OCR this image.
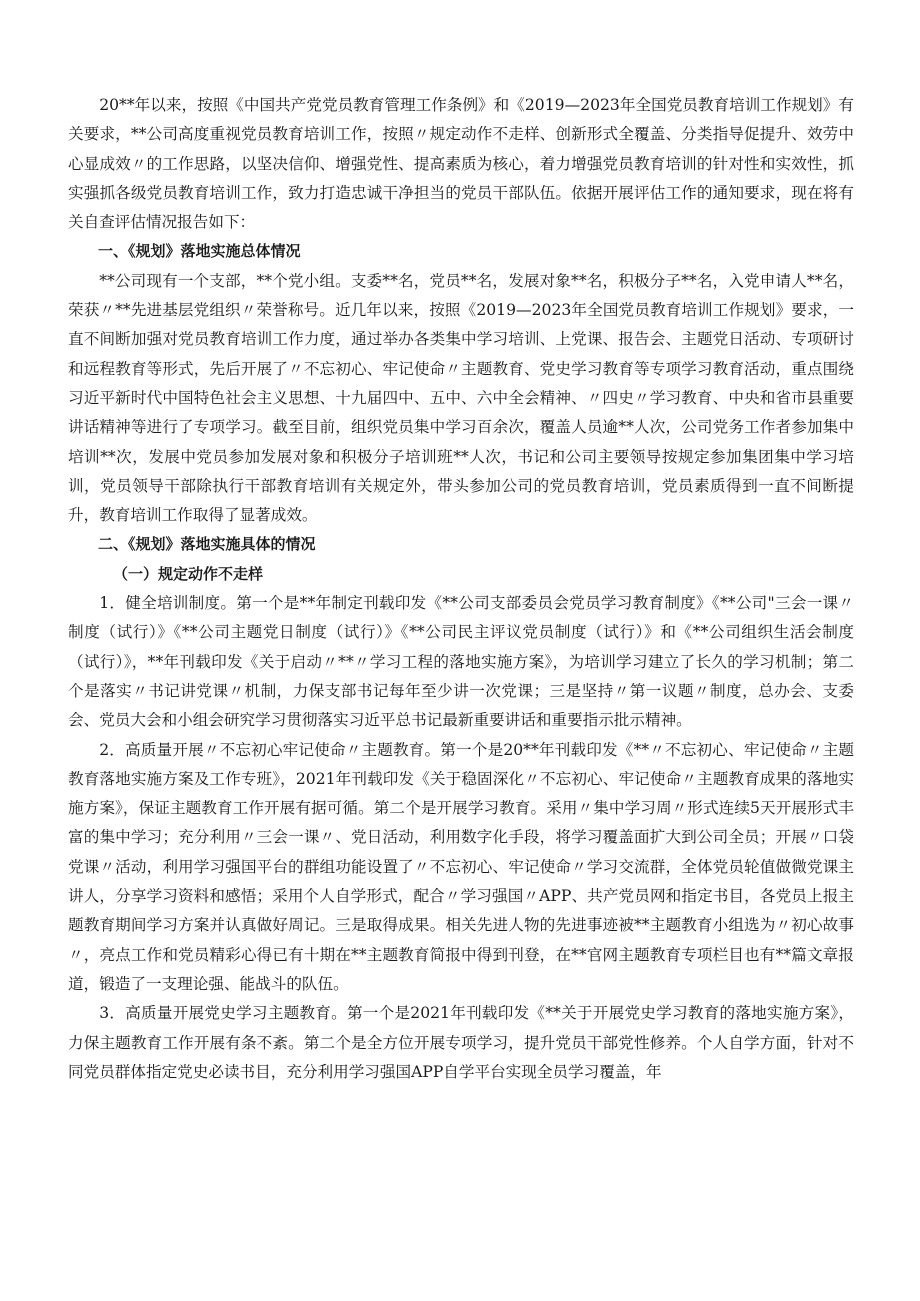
20**年以来，按照《中国共产党党员教育管理工作条例》和《2019—2023年全国党员教育培训工作规划》有关要求，**公司高度重视党员教育培训工作，按照〃规定动作不走样、创新形式全覆盖、分类指导促提升、效劳中心显成效〃的工作思路，以坚决信仰、增强党性、提高素质为核心，着力增强党员教育培训的针对性和实效性，抓实强抓各级党员教育培训工作，致力打造忠诚干净担当的党员干部队伍。依据开展评估工作的通知要求，现在将有关自查评估情况报告如下：

一、《规划》落地实施总体情况

**公司现有一个支部，**个党小组。支委**名，党员**名，发展对象**名，积极分子**名，入党申请人**名，荣获〃**先进基层党组织〃荣誉称号。近几年以来，按照《2019—2023年全国党员教育培训工作规划》要求，一直不间断加强对党员教育培训工作力度，通过举办各类集中学习培训、上党课、报告会、主题党日活动、专项研讨和远程教育等形式，先后开展了〃不忘初心、牢记使命〃主题教育、党史学习教育等专项学习教育活动，重点围绕习近平新时代中国特色社会主义思想、十九届四中、五中、六中全会精神、〃四史〃学习教育、中央和省市县重要讲话精神等进行了专项学习。截至目前，组织党员集中学习百余次，覆盖人员逾**人次，公司党务工作者参加集中培训**次，发展中党员参加发展对象和积极分子培训班**人次，书记和公司主要领导按规定参加集团集中学习培训，党员领导干部除执行干部教育培训有关规定外，带头参加公司的党员教育培训，党员素质得到一直不间断提升，教育培训工作取得了显著成效。

二、《规划》落地实施具体的情况

（一）规定动作不走样

1．健全培训制度。第一个是**年制定刊载印发《**公司支部委员会党员学习教育制度》《**公司"三会一课〃制度（试行）》《**公司主题党日制度（试行）》《**公司民主评议党员制度（试行）》和《**公司组织生活会制度（试行）》，**年刊载印发《关于启动〃**〃学习工程的落地实施方案》，为培训学习建立了长久的学习机制；第二个是落实〃书记讲党课〃机制，力保支部书记每年至少讲一次党课；三是坚持〃第一议题〃制度，总办会、支委会、党员大会和小组会研究学习贯彻落实习近平总书记最新重要讲话和重要指示批示精神。

2．高质量开展〃不忘初心牢记使命〃主题教育。第一个是20**年刊载印发《**〃不忘初心、牢记使命〃主题教育落地实施方案及工作专班》，2021年刊载印发《关于稳固深化〃不忘初心、牢记使命〃主题教育成果的落地实施方案》，保证主题教育工作开展有据可循。第二个是开展学习教育。采用〃集中学习周〃形式连续5天开展形式丰富的集中学习；充分利用〃三会一课〃、党日活动，利用数字化手段，将学习覆盖面扩大到公司全员；开展〃口袋党课〃活动，利用学习强国平台的群组功能设置了〃不忘初心、牢记使命〃学习交流群，全体党员轮值做微党课主讲人，分享学习资料和感悟；采用个人自学形式，配合〃学习强国〃APP、共产党员网和指定书目，各党员上报主题教育期间学习方案并认真做好周记。三是取得成果。相关先进人物的先进事迹被**主题教育小组选为〃初心故事〃，亮点工作和党员精彩心得已有十期在**主题教育简报中得到刊登，在**官网主题教育专项栏目也有**篇文章报道，锻造了一支理论强、能战斗的队伍。

3．高质量开展党史学习主题教育。第一个是2021年刊载印发《**关于开展党史学习教育的落地实施方案》，力保主题教育工作开展有条不紊。第二个是全方位开展专项学习，提升党员干部党性修养。个人自学方面，针对不同党员群体指定党史必读书目，充分利用学习强国APP自学平台实现全员学习覆盖，年
